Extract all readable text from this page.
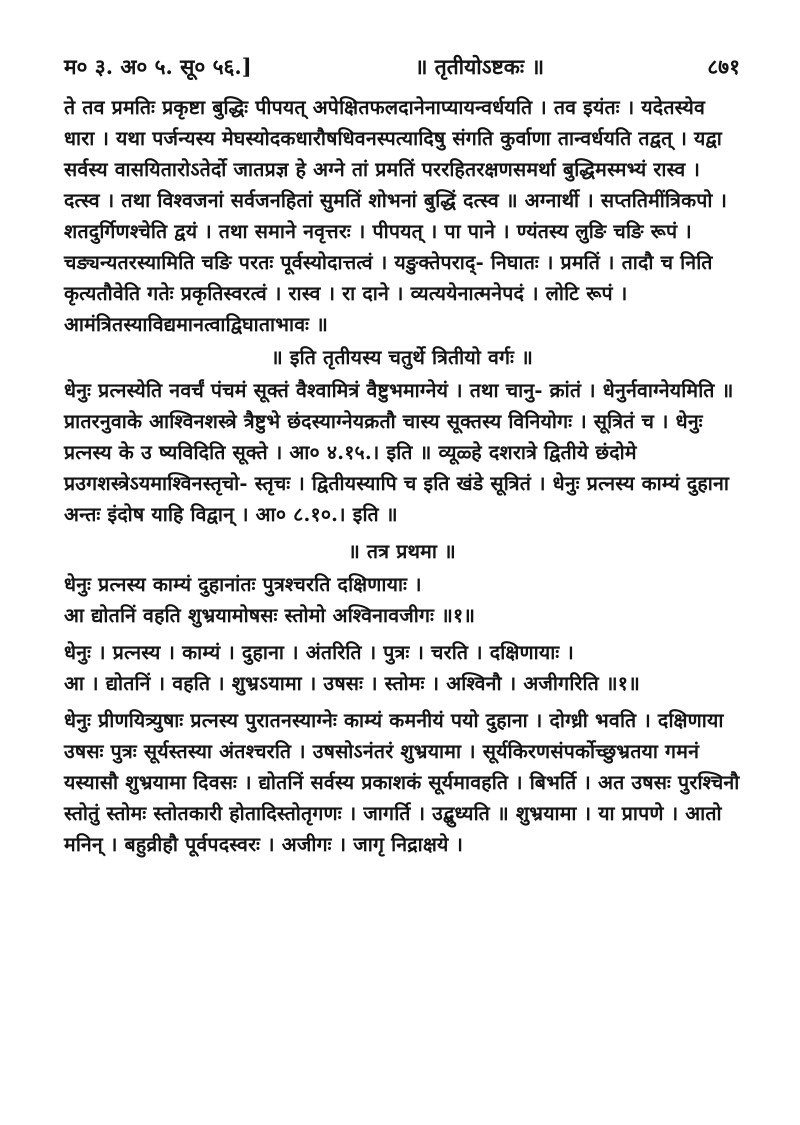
म० ३. अ० ५. सू० ५६.]	॥ तृतीयोऽष्टकः ॥	८७१

ते तव प्रमतिः प्रकृष्टा बुद्धिः पीपयत् अपेक्षितफलदानेनाप्यायन्वर्धयति । तव इयंतः । यदेतस्येव धारा । यथा पर्जन्यस्य मेघस्योदकधारौषधिवनस्पत्यादिषु संगति कुर्वाणा तान्वर्धयति तद्वत् । यद्वा सर्वस्य वासयितारोऽतेर्दो जातप्रज्ञ हे अग्ने तां प्रमतिं पररहितरक्षणसमर्था बुद्धिमस्मभ्यं रास्व । दत्स्व । तथा विश्वजनां सर्वजनहितां सुमतिं शोभनां बुद्धिं दत्स्व ॥ अग्नार्थी । सप्ततिमींत्रिकपो । शतदुर्गिणश्चेति द्वयं । तथा समाने नवृत्तरः । पीपयत् । पा पाने । ण्यंतस्य लुङि चङि रूपं । चङ्यन्यतरस्यामिति चङि परतः पूर्वस्योदात्तत्वं । यङुक्तेपराद्- निघातः । प्रमतिं । तादौ च निति कृत्यतौवेति गतेः प्रकृतिस्वरत्वं । रास्व । रा दाने । व्यत्ययेनात्मनेपदं । लोटि रूपं । आमंत्रितस्याविद्यमानत्वाद्विघाताभावः ॥

॥ इति तृतीयस्य चतुर्थे त्रितीयो वर्गः ॥

धेनुः प्रत्नस्येति नवर्चं पंचमं सूक्तं वैश्वामित्रं वैष्टुभमाग्नेयं । तथा चानु- क्रांतं । धेनुर्नवाग्नेयमिति ॥ प्रातरनुवाके आश्विनशस्त्रे त्रैष्टुभे छंदस्याग्नेयक्रतौ चास्य सूक्तस्य विनियोगः । सूत्रितं च । धेनुः प्रत्नस्य के उ ष्यविदिति सूक्ते । आ० ४.१५.। इति ॥ व्यूळ्हे दशरात्रे द्वितीये छंदोमे प्रउगशस्त्रेऽयमाश्विनस्तृचो- स्तृचः । द्वितीयस्यापि च इति खंडे सूत्रितं । धेनुः प्रत्नस्य काम्यं दुहाना अन्तः इंदोष याहि विद्वान् । आ० ८.१०.। इति ॥

॥ तत्र प्रथमा ॥

धेनुः प्रत्नस्य काम्यं दुहानांतः पुत्रश्चरति दक्षिणायाः ।

आ द्योतनिं वहति शुभ्रयामोषसः स्तोमो अश्विनावजीगः ॥१॥

धेनुः । प्रत्नस्य । काम्यं । दुहाना । अंतरिति । पुत्रः । चरति । दक्षिणायाः ।

आ । द्योतनिं । वहति । शुभ्रऽयामा । उषसः । स्तोमः । अश्विनौ । अजीगरिति ॥१॥

धेनुः प्रीणयित्र्युषाः प्रत्नस्य पुरातनस्याग्नेः काम्यं कमनीयं पयो दुहाना । दोग्ध्री भवति । दक्षिणाया उषसः पुत्रः सूर्यस्तस्या अंतश्चरति । उषसोऽनंतरं शुभ्रयामा । सूर्यकिरणसंपर्कोच्छुभ्रतया गमनं यस्यासौ शुभ्रयामा दिवसः । द्योतनिं सर्वस्य प्रकाशकं सूर्यमावहति । बिभर्ति । अत उषसः पुरश्चिनौ स्तोतुं स्तोमः स्तोतकारी होतादिस्तोतृगणः । जागर्ति । उद्बुध्यति ॥ शुभ्रयामा । या प्रापणे । आतो मनिन् । बहुव्रीहौ पूर्वपदस्वरः । अजीगः । जागृ निद्राक्षये ।
